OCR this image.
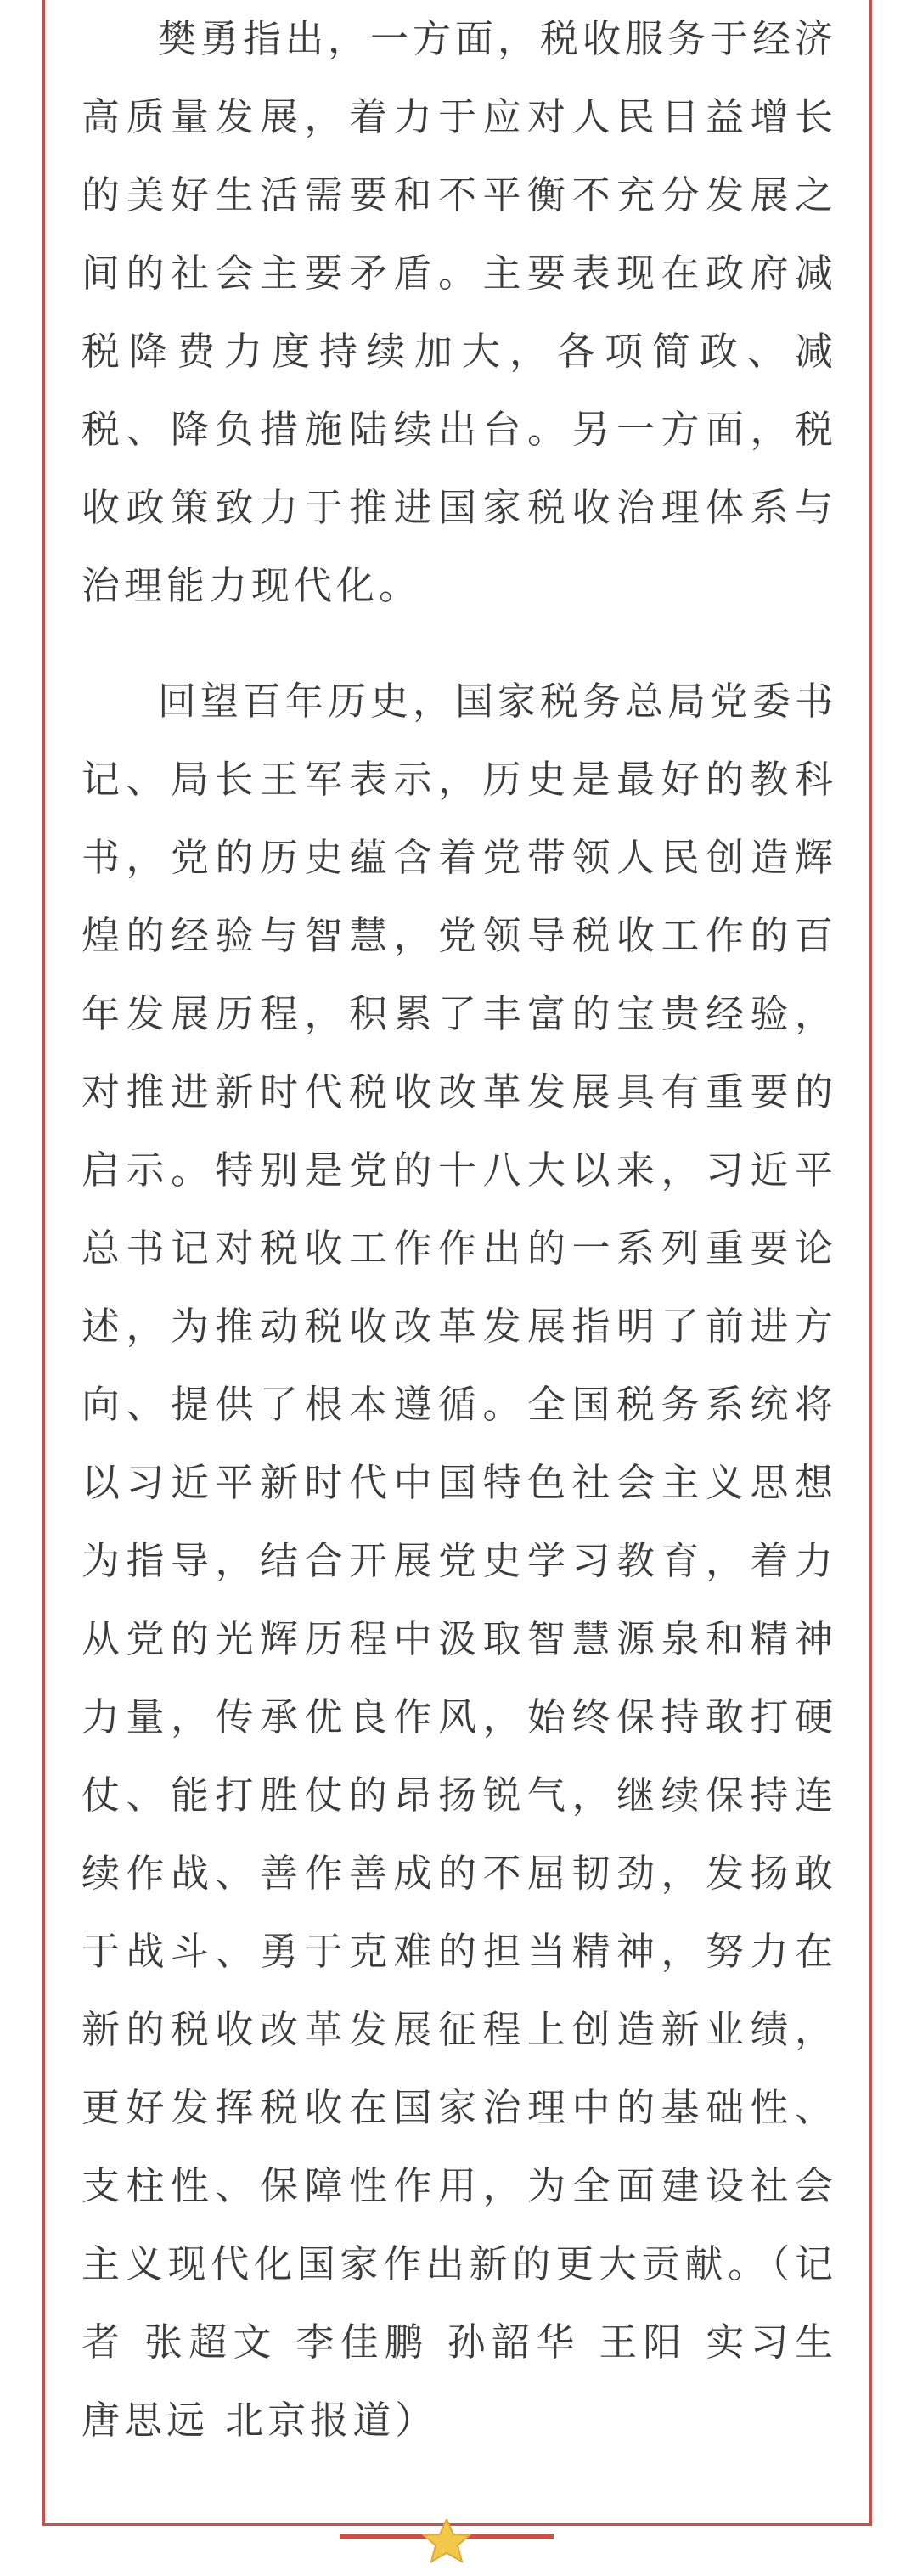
樊勇指出，一方面，税收服务于经济高质量发展，着力于应对人民日益增长的美好生活需要和不平衡不充分发展之间的社会主要矛盾。主要表现在政府减税降费力度持续加大，各项简政、减税、降负措施陆续出台。另一方面，税收政策致力于推进国家税收治理体系与治理能力现代化。

回望百年历史，国家税务总局党委书记、局长王军表示，历史是最好的教科书，党的历史蕴含着党带领人民创造辉煌的经验与智慧，党领导税收工作的百年发展历程，积累了丰富的宝贵经验，对推进新时代税收改革发展具有重要的启示。特别是党的十八大以来，习近平总书记对税收工作作出的一系列重要论述，为推动税收改革发展指明了前进方向、提供了根本遵循。全国税务系统将以习近平新时代中国特色社会主义思想为指导，结合开展党史学习教育，着力从党的光辉历程中汲取智慧源泉和精神力量，传承优良作风，始终保持敢打硬仗、能打胜仗的昂扬锐气，继续保持连续作战、善作善成的不屈韧劲，发扬敢于战斗、勇于克难的担当精神，努力在新的税收改革发展征程上创造新业绩，更好发挥税收在国家治理中的基础性、支柱性、保障性作用，为全面建设社会主义现代化国家作出新的更大贡献。（记者 张超文 李佳鹏 孙韶华 王阳 实习生 唐思远 北京报道）
